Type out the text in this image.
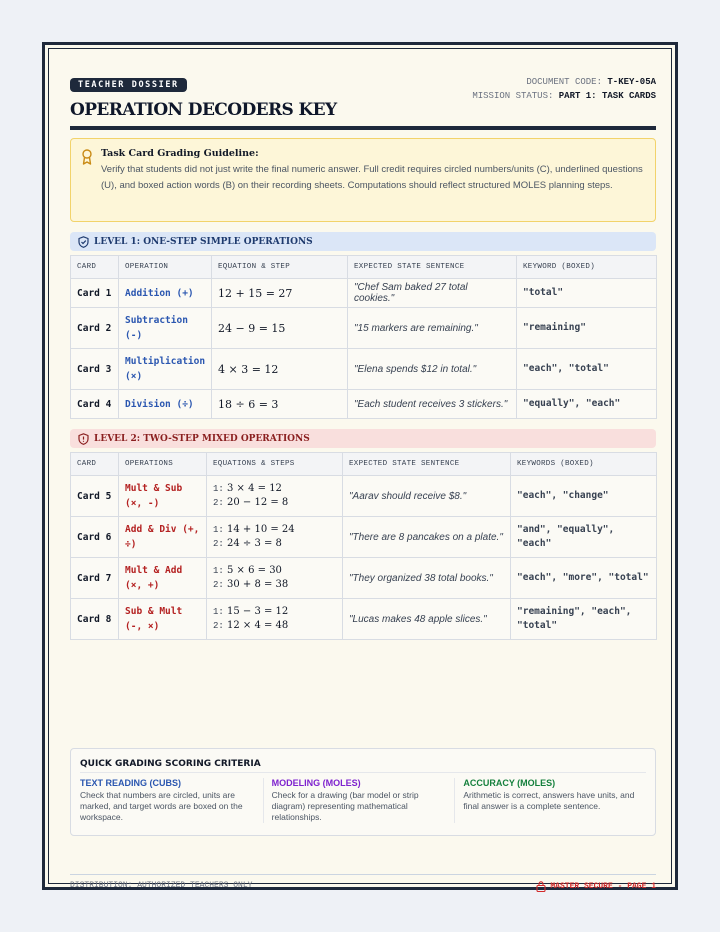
TEACHER DOSSIER	DOCUMENT CODE: T-KEY-05A
MISSION STATUS: PART 1: TASK CARDS
OPERATION DECODERS KEY
Task Card Grading Guideline:

Verify that students did not just write the final numeric answer. Full credit requires circled numbers/units (C), underlined questions (U), and boxed action words (B) on their recording sheets. Computations should reflect structured MOLES planning steps.

LEVEL 1: ONE-STEP SIMPLE OPERATIONS
CARD	OPERATION	EQUATION & STEP	EXPECTED STATE SENTENCE	KEYWORD (BOXED)
Card 1	Addition (+)	12 + 15 = 27	"Chef Sam baked 27 total cookies."	"total"
Card 2	Subtraction (-)	24 − 9 = 15	"15 markers are remaining."	"remaining"
Card 3	Multiplication (×)	4 × 3 = 12	"Elena spends $12 in total."	"each", "total"
Card 4	Division (÷)	18 ÷ 6 = 3	"Each student receives 3 stickers."	"equally", "each"
LEVEL 2: TWO-STEP MIXED OPERATIONS
CARD	OPERATIONS	EQUATIONS & STEPS	EXPECTED STATE SENTENCE	KEYWORDS (BOXED)
Card 5	Mult & Sub (×, -)	1: 3 × 4 = 12
2: 20 − 12 = 8	"Aarav should receive $8."	"each", "change"
Card 6	Add & Div (+, ÷)	1: 14 + 10 = 24
2: 24 ÷ 3 = 8	"There are 8 pancakes on a plate."	"and", "equally", "each"
Card 7	Mult & Add (×, +)	1: 5 × 6 = 30
2: 30 + 8 = 38	"They organized 38 total books."	"each", "more", "total"
Card 8	Sub & Mult (-, ×)	1: 15 − 3 = 12
2: 12 × 4 = 48	"Lucas makes 48 apple slices."	"remaining", "each", "total"
QUICK GRADING SCORING CRITERIA
TEXT READING (CUBS)

Check that numbers are circled, units are marked, and target words are boxed on the workspace.

MODELING (MOLES)

Check for a drawing (bar model or strip diagram) representing mathematical relationships.

ACCURACY (MOLES)

Arithmetic is correct, answers have units, and final answer is a complete sentence.

DISTRIBUTION: AUTHORIZED TEACHERS ONLY	MASTER SECURE - PAGE 1
